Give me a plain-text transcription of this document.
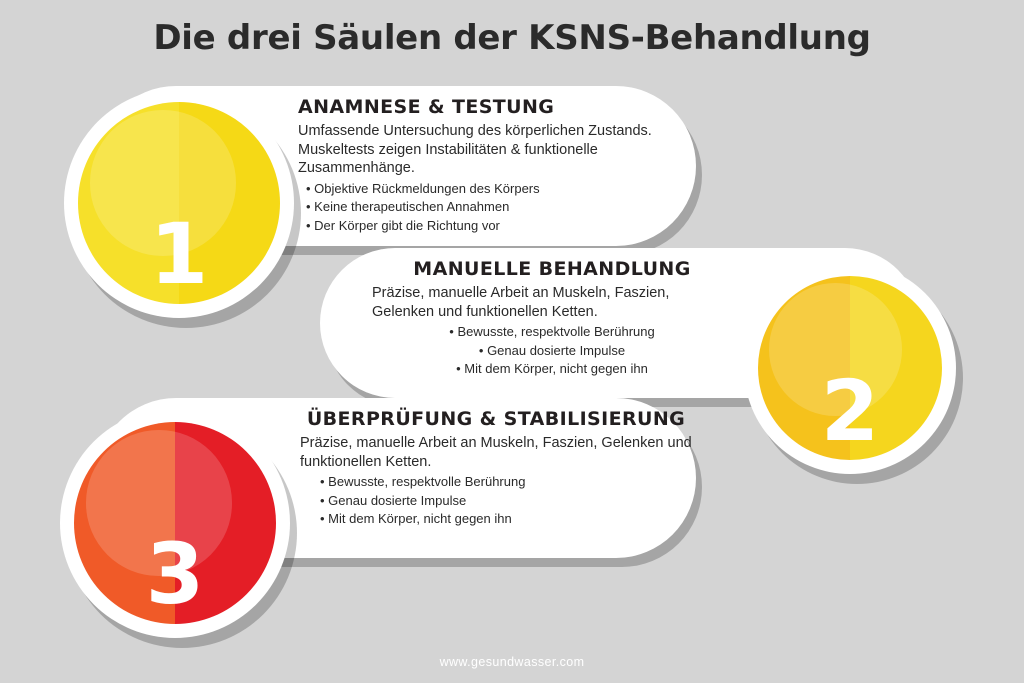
Die drei Säulen der KSNS-Behandlung
1
2
3
ANAMNESE & TESTUNG

Umfassende Untersuchung des körperlichen Zustands. Muskeltests zeigen Instabilitäten & funktionelle Zusammenhänge.

• Objektive Rückmeldungen des Körpers
• Keine therapeutischen Annahmen
• Der Körper gibt die Richtung vor
MANUELLE BEHANDLUNG

Präzise, manuelle Arbeit an Muskeln, Faszien, Gelenken und funktionellen Ketten.

• Bewusste, respektvolle Berührung
• Genau dosierte Impulse
• Mit dem Körper, nicht gegen ihn
ÜBERPRÜFUNG & STABILISIERUNG

Präzise, manuelle Arbeit an Muskeln, Faszien, Gelenken und funktionellen Ketten.

• Bewusste, respektvolle Berührung
• Genau dosierte Impulse
• Mit dem Körper, nicht gegen ihn
www.gesundwasser.com
